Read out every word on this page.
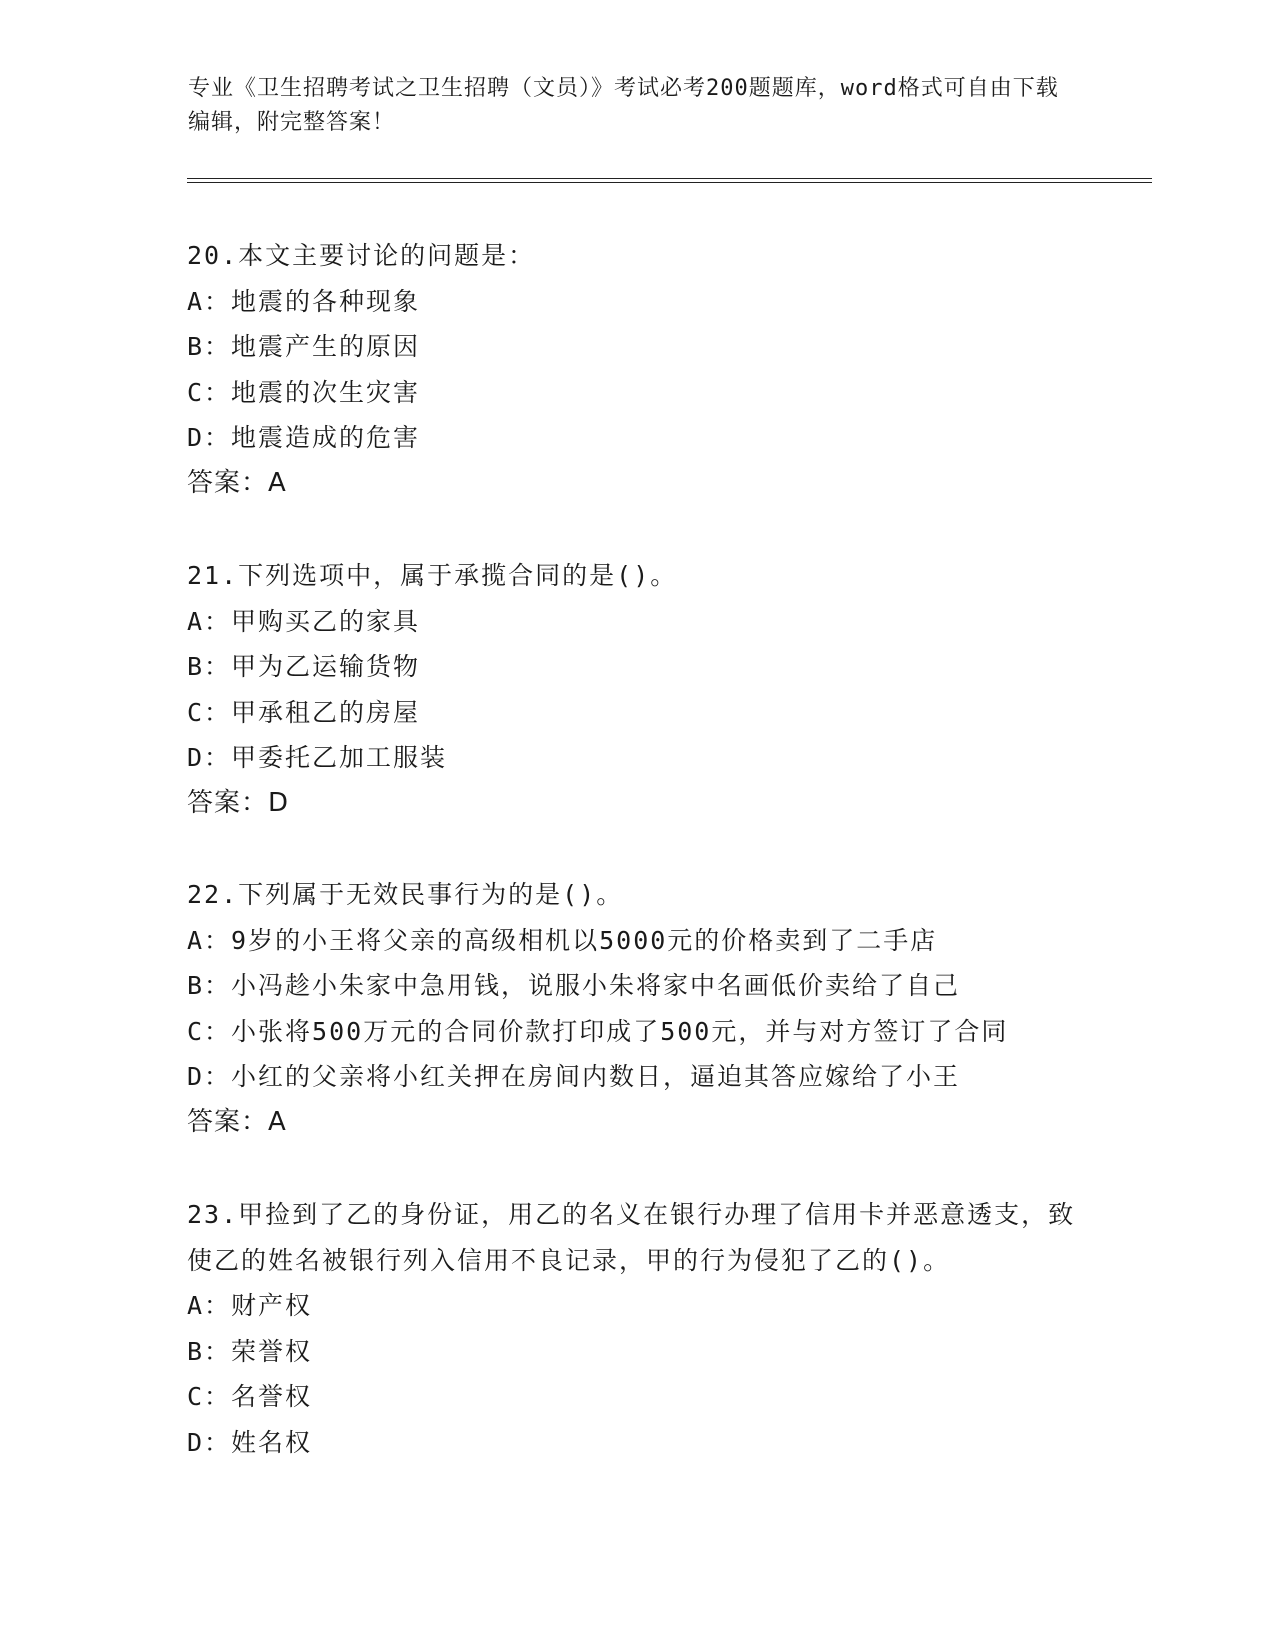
专业《卫生招聘考试之卫生招聘（文员）》考试必考200题题库，word格式可自由下载编辑，附完整答案！
20.本文主要讨论的问题是：
A：地震的各种现象
B：地震产生的原因
C：地震的次生灾害
D：地震造成的危害
答案：A
21.下列选项中，属于承揽合同的是()。
A：甲购买乙的家具
B：甲为乙运输货物
C：甲承租乙的房屋
D：甲委托乙加工服装
答案：D
22.下列属于无效民事行为的是()。
A：9岁的小王将父亲的高级相机以5000元的价格卖到了二手店
B：小冯趁小朱家中急用钱，说服小朱将家中名画低价卖给了自己
C：小张将500万元的合同价款打印成了500元，并与对方签订了合同
D：小红的父亲将小红关押在房间内数日，逼迫其答应嫁给了小王
答案：A
23.甲捡到了乙的身份证，用乙的名义在银行办理了信用卡并恶意透支，致使乙的姓名被银行列入信用不良记录，甲的行为侵犯了乙的()。
A：财产权
B：荣誉权
C：名誉权
D：姓名权
